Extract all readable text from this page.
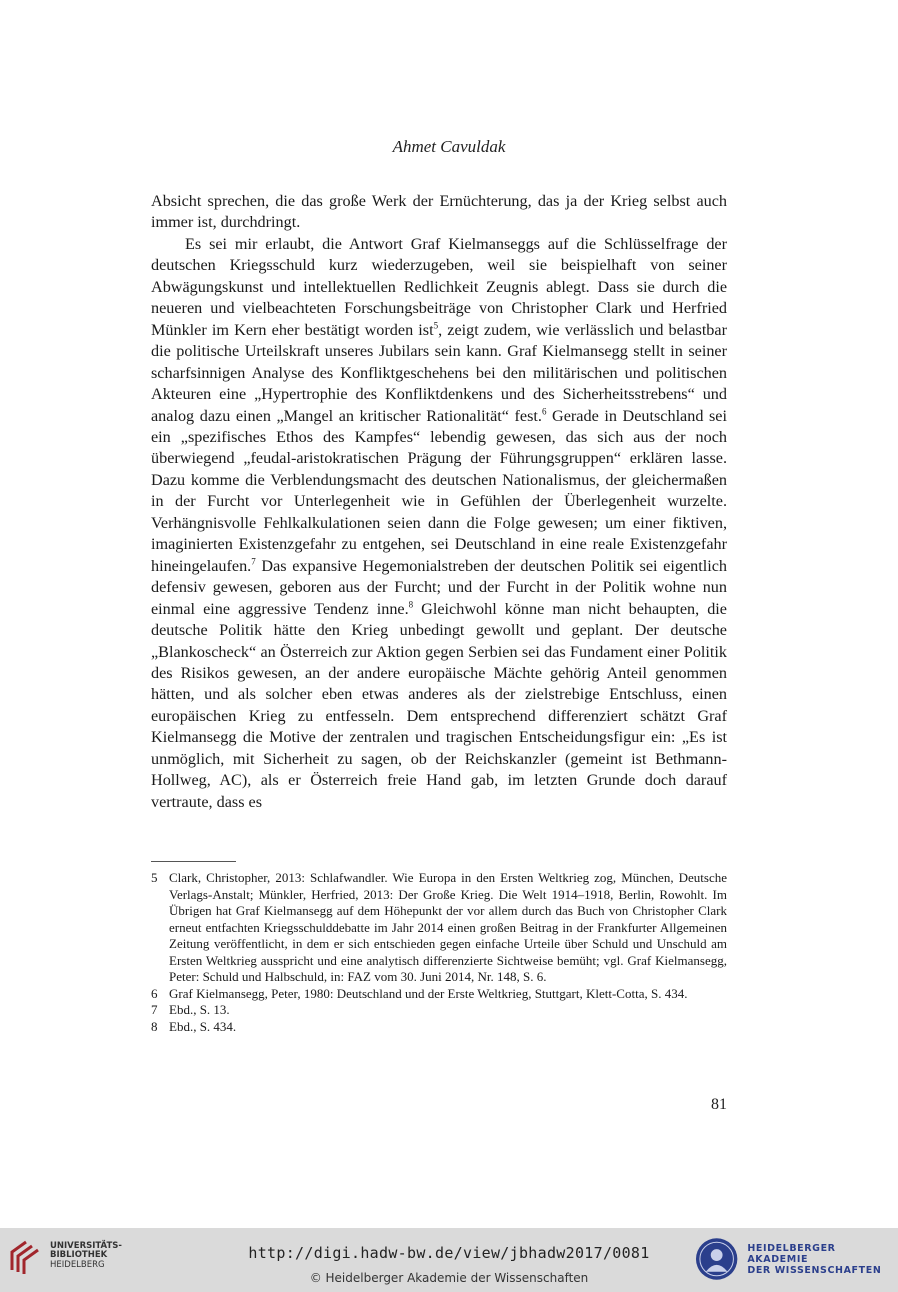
Ahmet Cavuldak

Absicht sprechen, die das große Werk der Ernüchterung, das ja der Krieg selbst auch immer ist, durchdringt.

Es sei mir erlaubt, die Antwort Graf Kielmanseggs auf die Schlüsselfrage der deutschen Kriegsschuld kurz wiederzugeben, weil sie beispielhaft von seiner Abwägungskunst und intellektuellen Redlichkeit Zeugnis ablegt. Dass sie durch die neueren und vielbeachteten Forschungsbeiträge von Christopher Clark und Herfried Münkler im Kern eher bestätigt worden ist$^5$, zeigt zudem, wie verlässlich und belastbar die politische Urteilskraft unseres Jubilars sein kann. Graf Kielmansegg stellt in seiner scharfsinnigen Analyse des Konfliktgeschehens bei den militärischen und politischen Akteuren eine „Hypertrophie des Konfliktdenkens und des Sicherheitsstrebens“ und analog dazu einen „Mangel an kritischer Rationalität“ fest.$^6$ Gerade in Deutschland sei ein „spezifisches Ethos des Kampfes“ lebendig gewesen, das sich aus der noch überwiegend „feudal-aristokratischen Prägung der Führungsgruppen“ erklären lasse. Dazu komme die Verblendungsmacht des deutschen Nationalismus, der gleichermaßen in der Furcht vor Unterlegenheit wie in Gefühlen der Überlegenheit wurzelte. Verhängnisvolle Fehlkalkulationen seien dann die Folge gewesen; um einer fiktiven, imaginierten Existenzgefahr zu entgehen, sei Deutschland in eine reale Existenzgefahr hineingelaufen.$^7$ Das expansive Hegemonialstreben der deutschen Politik sei eigentlich defensiv gewesen, geboren aus der Furcht; und der Furcht in der Politik wohne nun einmal eine aggressive Tendenz inne.$^8$ Gleichwohl könne man nicht behaupten, die deutsche Politik hätte den Krieg unbedingt gewollt und geplant. Der deutsche „Blankoscheck“ an Österreich zur Aktion gegen Serbien sei das Fundament einer Politik des Risikos gewesen, an der andere europäische Mächte gehörig Anteil genommen hätten, und als solcher eben etwas anderes als der zielstrebige Entschluss, einen europäischen Krieg zu entfesseln. Dem entsprechend differenziert schätzt Graf Kielmansegg die Motive der zentralen und tragischen Entscheidungsfigur ein: „Es ist unmöglich, mit Sicherheit zu sagen, ob der Reichskanzler (gemeint ist Bethmann-Hollweg, AC), als er Österreich freie Hand gab, im letzten Grunde doch darauf vertraute, dass es

5 Clark, Christopher, 2013: Schlafwandler. Wie Europa in den Ersten Weltkrieg zog, München, Deutsche Verlags-Anstalt; Münkler, Herfried, 2013: Der Große Krieg. Die Welt 1914–1918, Berlin, Rowohlt. Im Übrigen hat Graf Kielmansegg auf dem Höhepunkt der vor allem durch das Buch von Christopher Clark erneut entfachten Kriegsschulddebatte im Jahr 2014 einen großen Beitrag in der Frankfurter Allgemeinen Zeitung veröffentlicht, in dem er sich entschieden gegen einfache Urteile über Schuld und Unschuld am Ersten Weltkrieg ausspricht und eine analytisch differenzierte Sichtweise bemüht; vgl. Graf Kielmansegg, Peter: Schuld und Halbschuld, in: FAZ vom 30. Juni 2014, Nr. 148, S. 6.
6 Graf Kielmansegg, Peter, 1980: Deutschland und der Erste Weltkrieg, Stuttgart, Klett-Cotta, S. 434.
7 Ebd., S. 13.
8 Ebd., S. 434.
81
UNIVERSITÄTS-
BIBLIOTHEK
HEIDELBERG
http://digi.hadw-bw.de/view/jbhadw2017/0081
© Heidelberger Akademie der Wissenschaften
HEIDELBERGER AKADEMIE
DER WISSENSCHAFTEN
